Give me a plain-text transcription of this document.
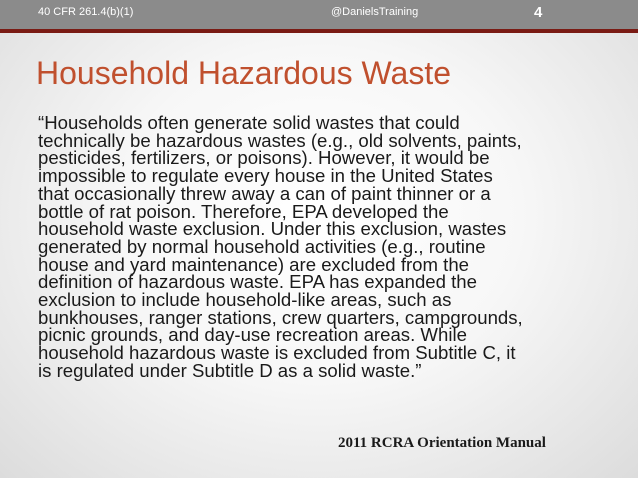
40 CFR 261.4(b)(1)	@DanielsTraining	4
Household Hazardous Waste

“Households often generate solid wastes that could
technically be hazardous wastes (e.g., old solvents, paints,
pesticides, fertilizers, or poisons). However, it would be
impossible to regulate every house in the United States
that occasionally threw away a can of paint thinner or a
bottle of rat poison. Therefore, EPA developed the
household waste exclusion. Under this exclusion, wastes
generated by normal household activities (e.g., routine
house and yard maintenance) are excluded from the
definition of hazardous waste. EPA has expanded the
exclusion to include household-like areas, such as
bunkhouses, ranger stations, crew quarters, campgrounds,
picnic grounds, and day-use recreation areas. While
household hazardous waste is excluded from Subtitle C, it
is regulated under Subtitle D as a solid waste.”

2011 RCRA Orientation Manual
